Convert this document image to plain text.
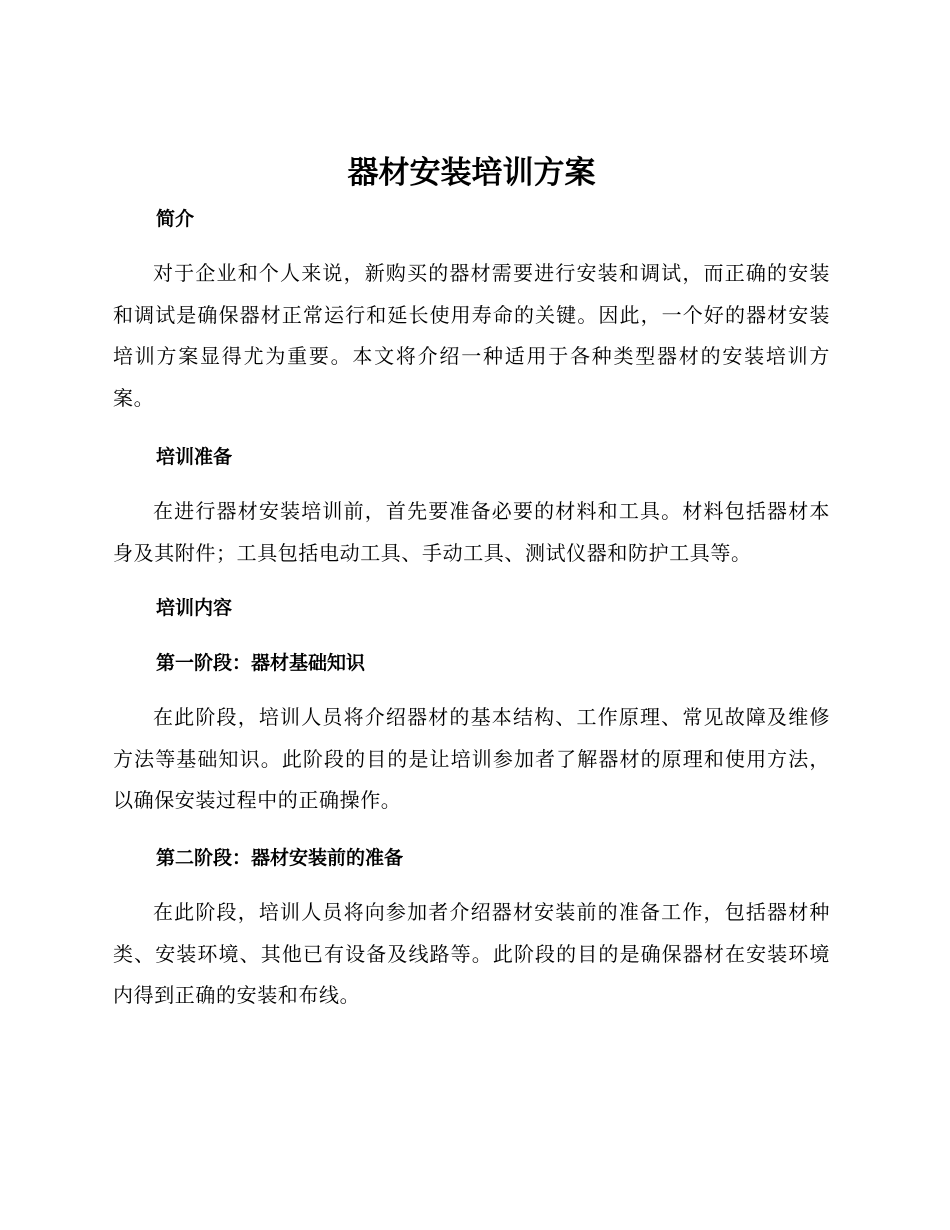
器材安装培训方案
简介

对于企业和个人来说，新购买的器材需要进行安装和调试，而正确的安装和调试是确保器材正常运行和延长使用寿命的关键。因此，一个好的器材安装培训方案显得尤为重要。本文将介绍一种适用于各种类型器材的安装培训方案。

培训准备

在进行器材安装培训前，首先要准备必要的材料和工具。材料包括器材本身及其附件；工具包括电动工具、手动工具、测试仪器和防护工具等。

培训内容
第一阶段：器材基础知识

在此阶段，培训人员将介绍器材的基本结构、工作原理、常见故障及维修方法等基础知识。此阶段的目的是让培训参加者了解器材的原理和使用方法，以确保安装过程中的正确操作。

第二阶段：器材安装前的准备

在此阶段，培训人员将向参加者介绍器材安装前的准备工作，包括器材种类、安装环境、其他已有设备及线路等。此阶段的目的是确保器材在安装环境内得到正确的安装和布线。
